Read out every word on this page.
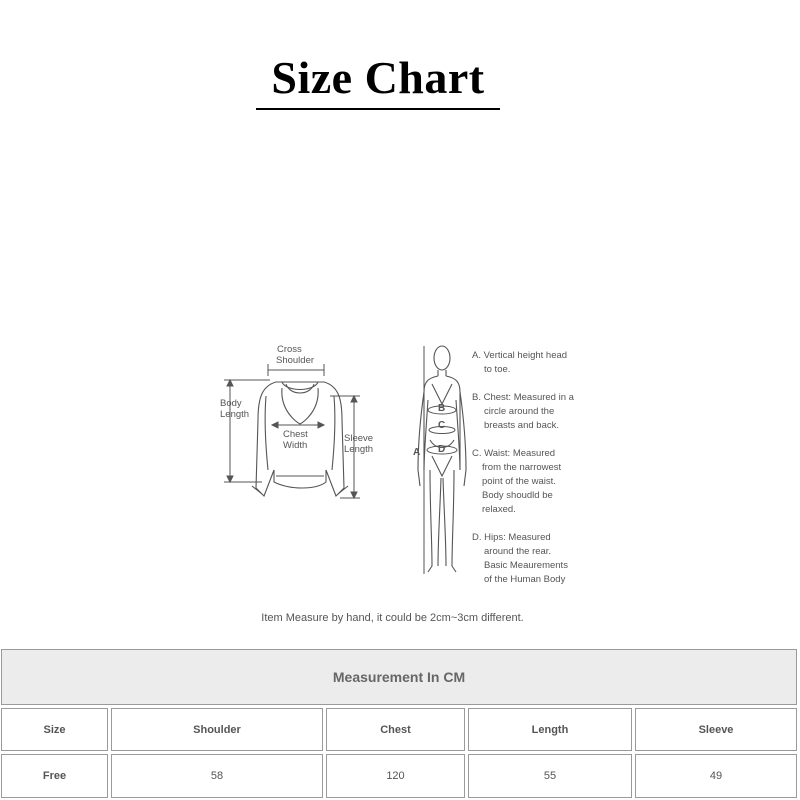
Size Chart
Cross
Shoulder
Body
Length
Chest
Width
Sleeve
Length	A
B
C
D
A. Vertical height head
to toe.
B. Chest: Measured in a
circle around the
breasts and back.
C. Waist: Measured
from the narrowest
point of the waist.
Body shoudld be
relaxed.
D. Hips: Measured
around the rear.
Basic Meaurements
of the Human Body
Item Measure by hand, it could be 2cm~3cm different.
Measurement In CM
Size	Shoulder	Chest	Length	Sleeve
Free	58	120	55	49
